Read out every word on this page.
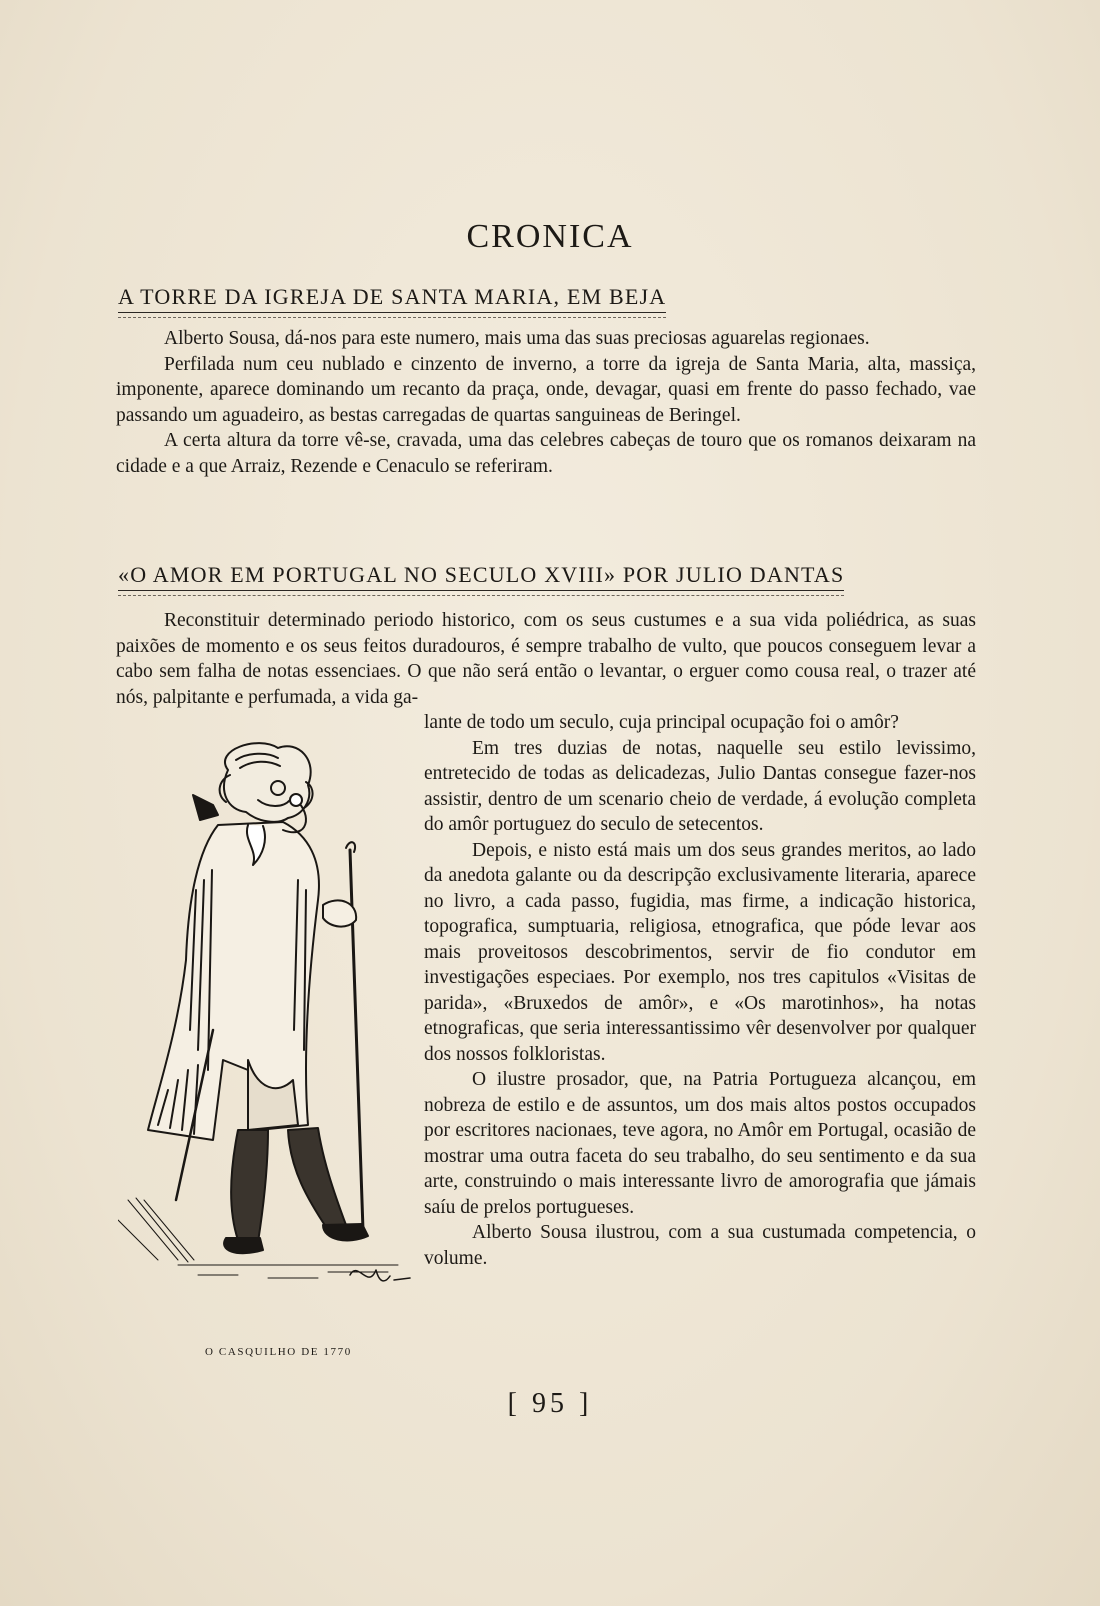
CRONICA
A TORRE DA IGREJA DE SANTA MARIA, EM BEJA

Alberto Sousa, dá-nos para este numero, mais uma das suas preciosas aguarelas regionaes.

Perfilada num ceu nublado e cinzento de inverno, a torre da igreja de Santa Maria, alta, massiça, imponente, aparece dominando um recanto da praça, onde, devagar, quasi em frente do passo fechado, vae passando um aguadeiro, as bestas carregadas de quartas sanguineas de Beringel.

A certa altura da torre vê-se, cravada, uma das celebres cabeças de touro que os romanos deixaram na cidade e a que Arraiz, Rezende e Cenaculo se referiram.

«O AMOR EM PORTUGAL NO SECULO XVIII» POR JULIO DANTAS

Reconstituir determinado periodo historico, com os seus custumes e a sua vida poliédrica, as suas paixões de momento e os seus feitos duradouros, é sempre trabalho de vulto, que poucos conseguem levar a cabo sem falha de notas essenciaes. O que não será então o levantar, o erguer como cousa real, o trazer até nós, palpitante e perfumada, a vida ga-

lante de todo um seculo, cuja principal ocupação foi o amôr?

Em tres duzias de notas, naquelle seu estilo levissimo, entretecido de todas as delicadezas, Julio Dantas consegue fazer-nos assistir, dentro de um scenario cheio de verdade, á evolução completa do amôr portuguez do seculo de setecentos.

Depois, e nisto está mais um dos seus grandes meritos, ao lado da anedota galante ou da descripção exclusivamente literaria, aparece no livro, a cada passo, fugidia, mas firme, a indicação historica, topografica, sumptuaria, religiosa, etnografica, que póde levar aos mais proveitosos descobrimentos, servir de fio condutor em investigações especiaes. Por exemplo, nos tres capitulos «Visitas de parida», «Bruxedos de amôr», e «Os marotinhos», ha notas etnograficas, que seria interessantissimo vêr desenvolver por qualquer dos nossos folkloristas.

O ilustre prosador, que, na Patria Portugueza alcançou, em nobreza de estilo e de assuntos, um dos mais altos postos occupados por escritores nacionaes, teve agora, no Amôr em Portugal, ocasião de mostrar uma outra faceta do seu trabalho, do seu sentimento e da sua arte, construindo o mais interessante livro de amorografia que jámais saíu de prelos portugueses.

Alberto Sousa ilustrou, com a sua custumada competencia, o volume.

O CASQUILHO DE 1770
[ 95 ]
